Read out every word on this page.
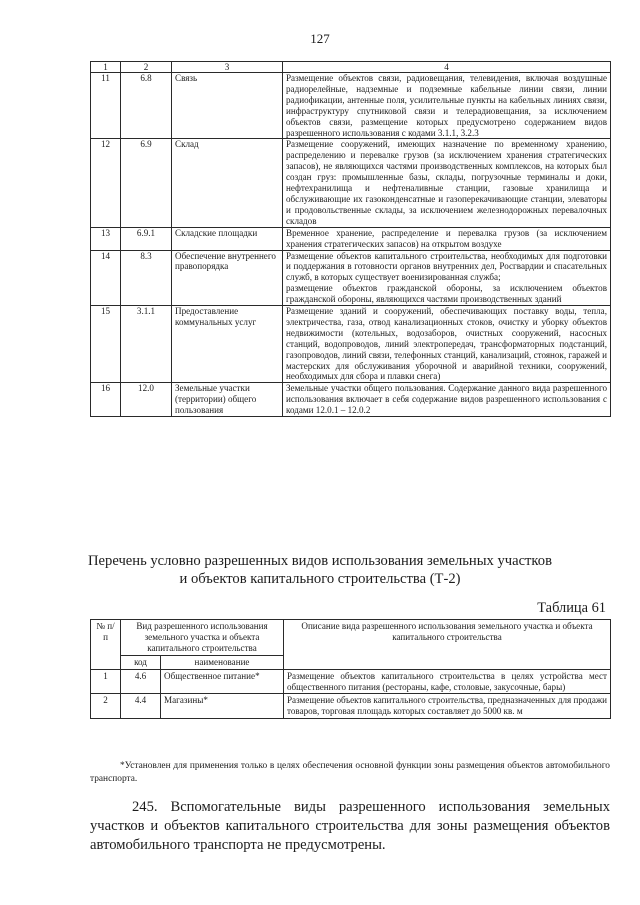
127
1	2	3	4
11	6.8	Связь	Размещение объектов связи, радиовещания, телевидения, включая воздушные радиорелейные, надземные и подземные кабельные линии связи, линии радиофикации, антенные поля, усилительные пункты на кабельных линиях связи, инфраструктуру спутниковой связи и телерадиовещания, за исключением объектов связи, размещение которых предусмотрено содержанием видов разрешенного использования с кодами 3.1.1, 3.2.3
12	6.9	Склад	Размещение сооружений, имеющих назначение по временному хранению, распределению и перевалке грузов (за исключением хранения стратегических запасов), не являющихся частями производственных комплексов, на которых был создан груз: промышленные базы, склады, погрузочные терминалы и доки, нефтехранилища и нефтеналивные станции, газовые хранилища и обслуживающие их газоконденсатные и газоперекачивающие станции, элеваторы и продовольственные склады, за исключением железнодорожных перевалочных складов
13	6.9.1	Складские площадки	Временное хранение, распределение и перевалка грузов (за исключением хранения стратегических запасов) на открытом воздухе
14	8.3	Обеспечение внутреннего правопорядка	Размещение объектов капитального строительства, необходимых для подготовки и поддержания в готовности органов внутренних дел, Росгвардии и спасательных служб, в которых существует военизированная служба;
размещение объектов гражданской обороны, за исключением объектов гражданской обороны, являющихся частями производственных зданий

15	3.1.1	Предоставление коммунальных услуг	Размещение зданий и сооружений, обеспечивающих поставку воды, тепла, электричества, газа, отвод канализационных стоков, очистку и уборку объектов недвижимости (котельных, водозаборов, очистных сооружений, насосных станций, водопроводов, линий электропередач, трансформаторных подстанций, газопроводов, линий связи, телефонных станций, канализаций, стоянок, гаражей и мастерских для обслуживания уборочной и аварийной техники, сооружений, необходимых для сбора и плавки снега)
16	12.0	Земельные участки (территории) общего пользования	Земельные участки общего пользования. Содержание данного вида разрешенного использования включает в себя содержание видов разрешенного использования с кодами 12.0.1 – 12.0.2
Перечень условно разрешенных видов использования земельных участков
и объектов капитального строительства (Т-2)
Таблица 61
№ п/п	Вид разрешенного использования земельного участка и объекта капитального строительства		Описание вида разрешенного использования земельного участка и объекта капитального строительства
	код	наименование	
1	4.6	Общественное питание*	Размещение объектов капитального строительства в целях устройства мест общественного питания (рестораны, кафе, столовые, закусочные, бары)
2	4.4	Магазины*	Размещение объектов капитального строительства, предназначенных для продажи товаров, торговая площадь которых составляет до 5000 кв. м
*Установлен для применения только в целях обеспечения основной функции зоны размещения объектов автомобильного транспорта.
245. Вспомогательные виды разрешенного использования земельных участков и объектов капитального строительства для зоны размещения объектов автомобильного транспорта не предусмотрены.
